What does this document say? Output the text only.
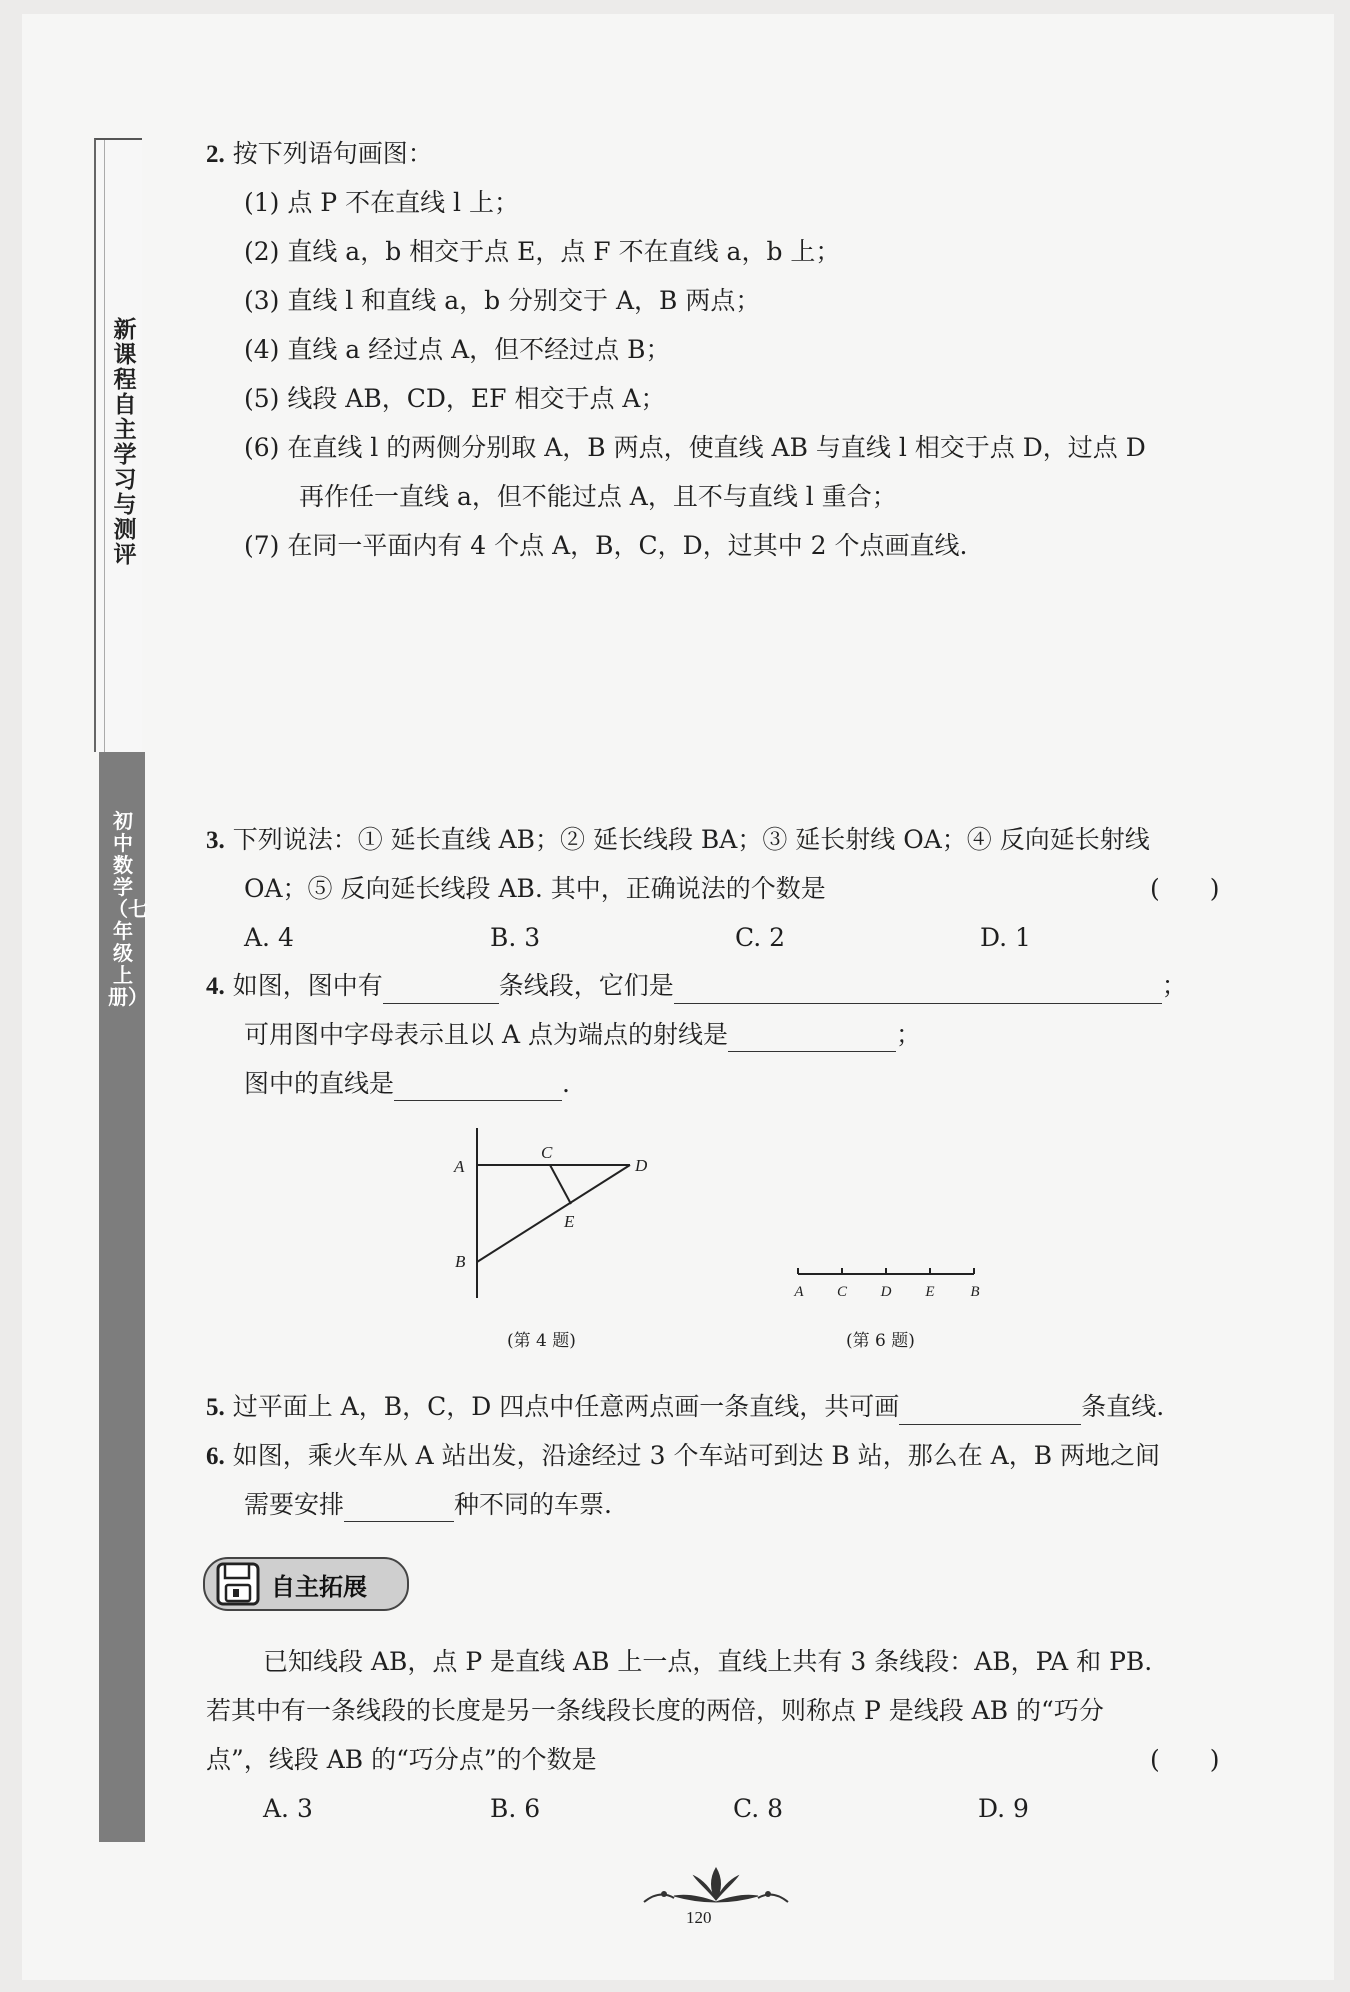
新课程自主学习与测评
初中数学（七年级上册）
2. 按下列语句画图：
(1) 点 P 不在直线 l 上；
(2) 直线 a，b 相交于点 E，点 F 不在直线 a，b 上；
(3) 直线 l 和直线 a，b 分别交于 A，B 两点；
(4) 直线 a 经过点 A，但不经过点 B；
(5) 线段 AB，CD，EF 相交于点 A；
(6) 在直线 l 的两侧分别取 A，B 两点，使直线 AB 与直线 l 相交于点 D，过点 D
再作任一直线 a，但不能过点 A，且不与直线 l 重合；
(7) 在同一平面内有 4 个点 A，B，C，D，过其中 2 个点画直线.
3. 下列说法：① 延长直线 AB；② 延长线段 BA；③ 延长射线 OA；④ 反向延长射线
OA；⑤ 反向延长线段 AB. 其中，正确说法的个数是	(　　)
A. 4	B. 3	C. 2	D. 1
4. 如图，图中有	条线段，它们是	；
可用图中字母表示且以 A 点为端点的射线是	；
图中的直线是	.
A
C
D
E
B
(第 4 题)
A C D E B
(第 6 题)
5. 过平面上 A，B，C，D 四点中任意两点画一条直线，共可画	条直线.
6. 如图，乘火车从 A 站出发，沿途经过 3 个车站可到达 B 站，那么在 A，B 两地之间
需要安排	种不同的车票.
自主拓展
已知线段 AB，点 P 是直线 AB 上一点，直线上共有 3 条线段：AB，PA 和 PB.
若其中有一条线段的长度是另一条线段长度的两倍，则称点 P 是线段 AB 的“巧分
点”，线段 AB 的“巧分点”的个数是	(　　)
A. 3	B. 6	C. 8	D. 9
120
